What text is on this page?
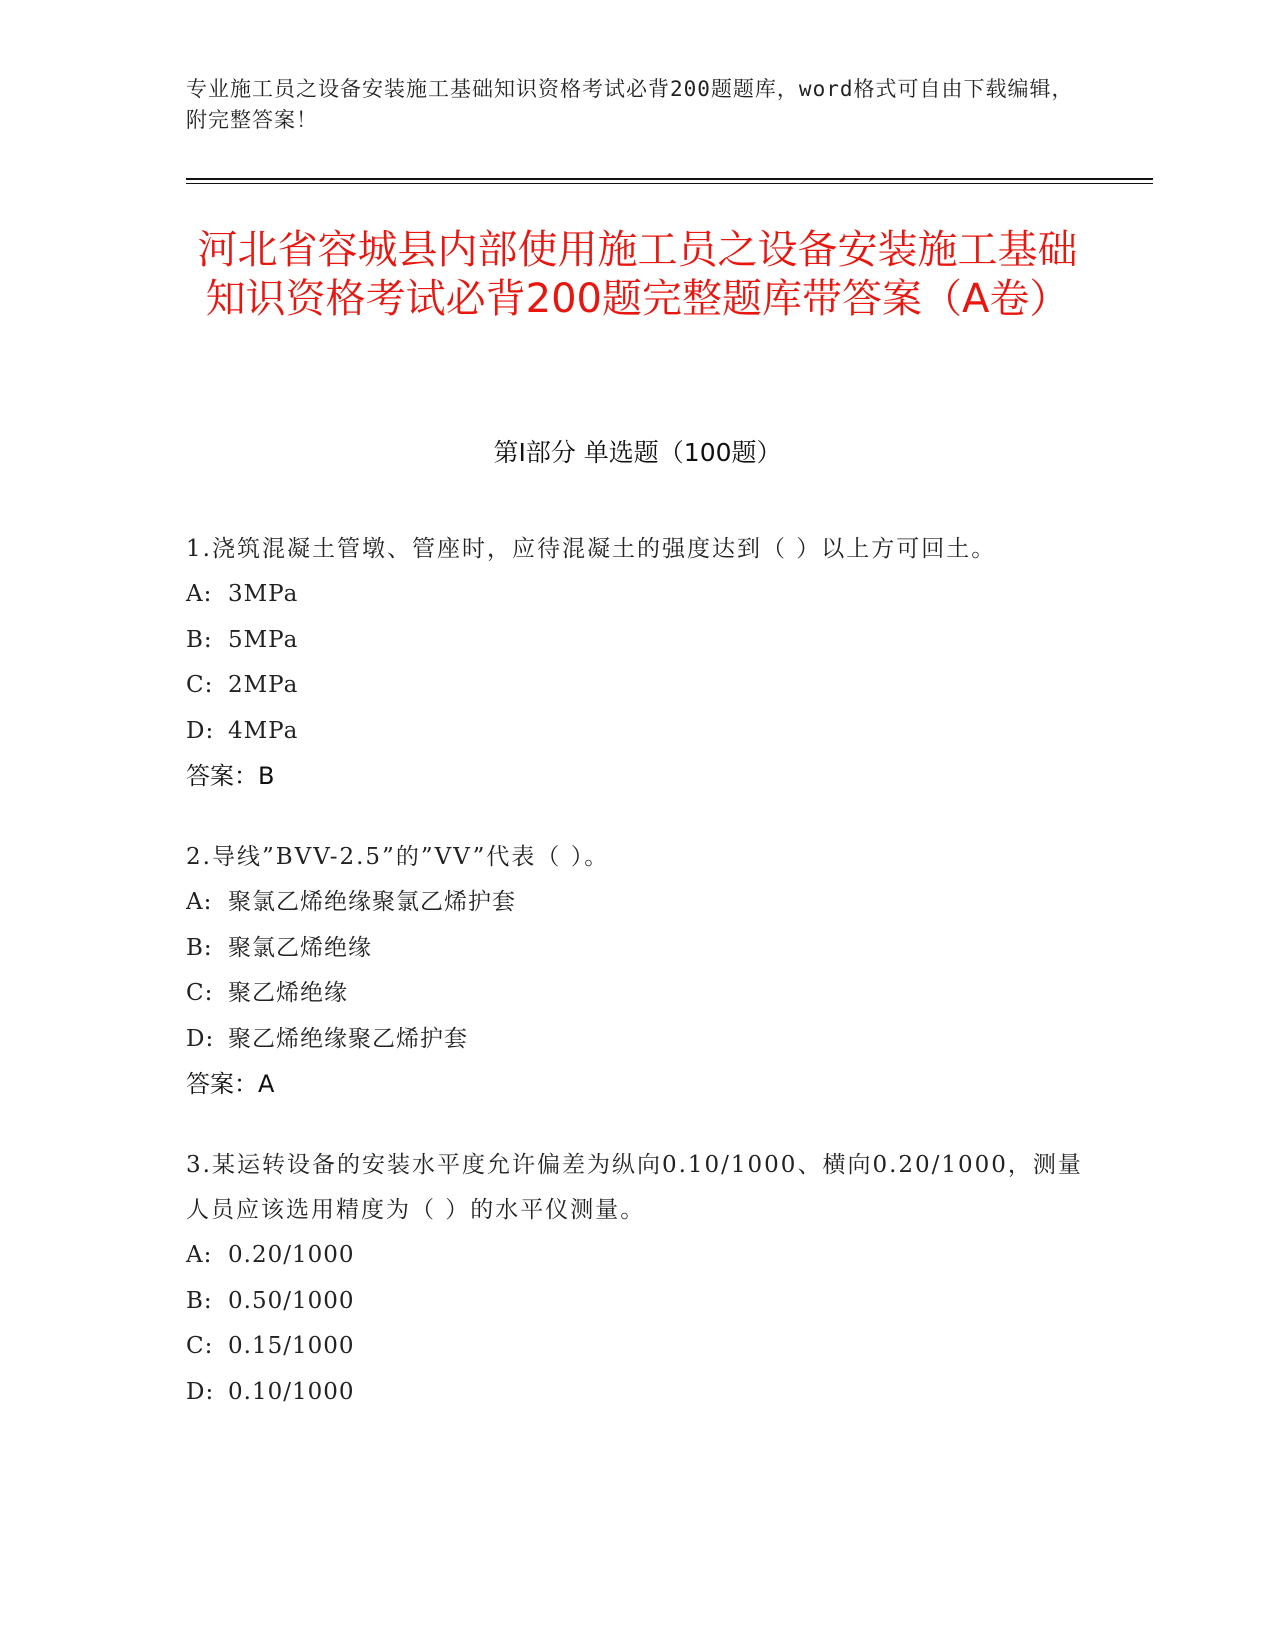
专业施工员之设备安装施工基础知识资格考试必背200题题库，word格式可自由下载编辑，附完整答案！
河北省容城县内部使用施工员之设备安装施工基础知识资格考试必背200题完整题库带答案（A卷）
第Ⅰ部分 单选题（100题）
1.浇筑混凝土管墩、管座时，应待混凝土的强度达到（ ）以上方可回土。
A: 3MPa
B: 5MPa
C: 2MPa
D: 4MPa
答案：B
2.导线”BVV-2.5”的”VV”代表（ ）。
A: 聚氯乙烯绝缘聚氯乙烯护套
B: 聚氯乙烯绝缘
C: 聚乙烯绝缘
D: 聚乙烯绝缘聚乙烯护套
答案：A
3.某运转设备的安装水平度允许偏差为纵向0.10/1000、横向0.20/1000，测量人员应该选用精度为（ ）的水平仪测量。
A: 0.20/1000
B: 0.50/1000
C: 0.15/1000
D: 0.10/1000
